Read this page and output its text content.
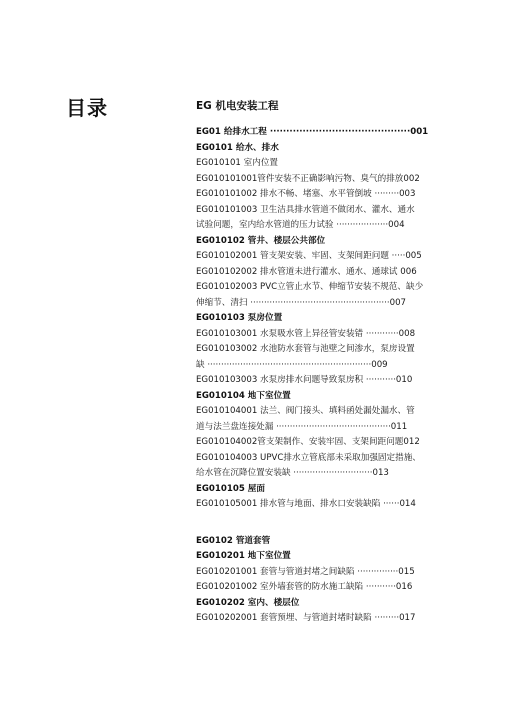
目录	EG 机电安装工程
EG01 给排水工程 ···········································001
EG0101 给水、排水
EG010101 室内位置
EG010101001管件安装不正确影响污物、臭气的排放002
EG010101002 排水不畅、堵塞、水平管倒坡 ·········003
EG010101003 卫生洁具排水管道不做闭水、灌水、通水
试验问题，室内给水管道的压力试验 ···················004
EG010102 管井、楼层公共部位
EG010102001 管支架安装、牢固、支架间距问题 ·····005
EG010102002 排水管道未进行灌水、通水、通球试 006
EG010102003 PVC立管止水节、伸缩节安装不规范、缺少
伸缩节、清扫 ···················································007
EG010103 泵房位置
EG010103001 水泵吸水管上异径管安装错 ············008
EG010103002 水池防水套管与池壁之间渗水，泵房设置
缺 ····························································009
EG010103003 水泵房排水问题导致泵房积 ···········010
EG010104 地下室位置
EG010104001 法兰、阀门接头、填料函处漏处漏水、管
道与法兰盘连接处漏 ··········································011
EG010104002管支架制作、安装牢固、支架间距问题012
EG010104003 UPVC排水立管底部未采取加强固定措施、
给水管在沉降位置安装缺 ·····························013
EG010105 屋面
EG010105001 排水管与地面、排水口安装缺陷 ······014
EG0102 管道套管
EG010201 地下室位置
EG010201001 套管与管道封堵之间缺陷 ···············015
EG010201002 室外墙套管的防水施工缺陷 ···········016
EG010202 室内、楼层位
EG010202001 套管预埋、与管道封堵时缺陷 ·········017
